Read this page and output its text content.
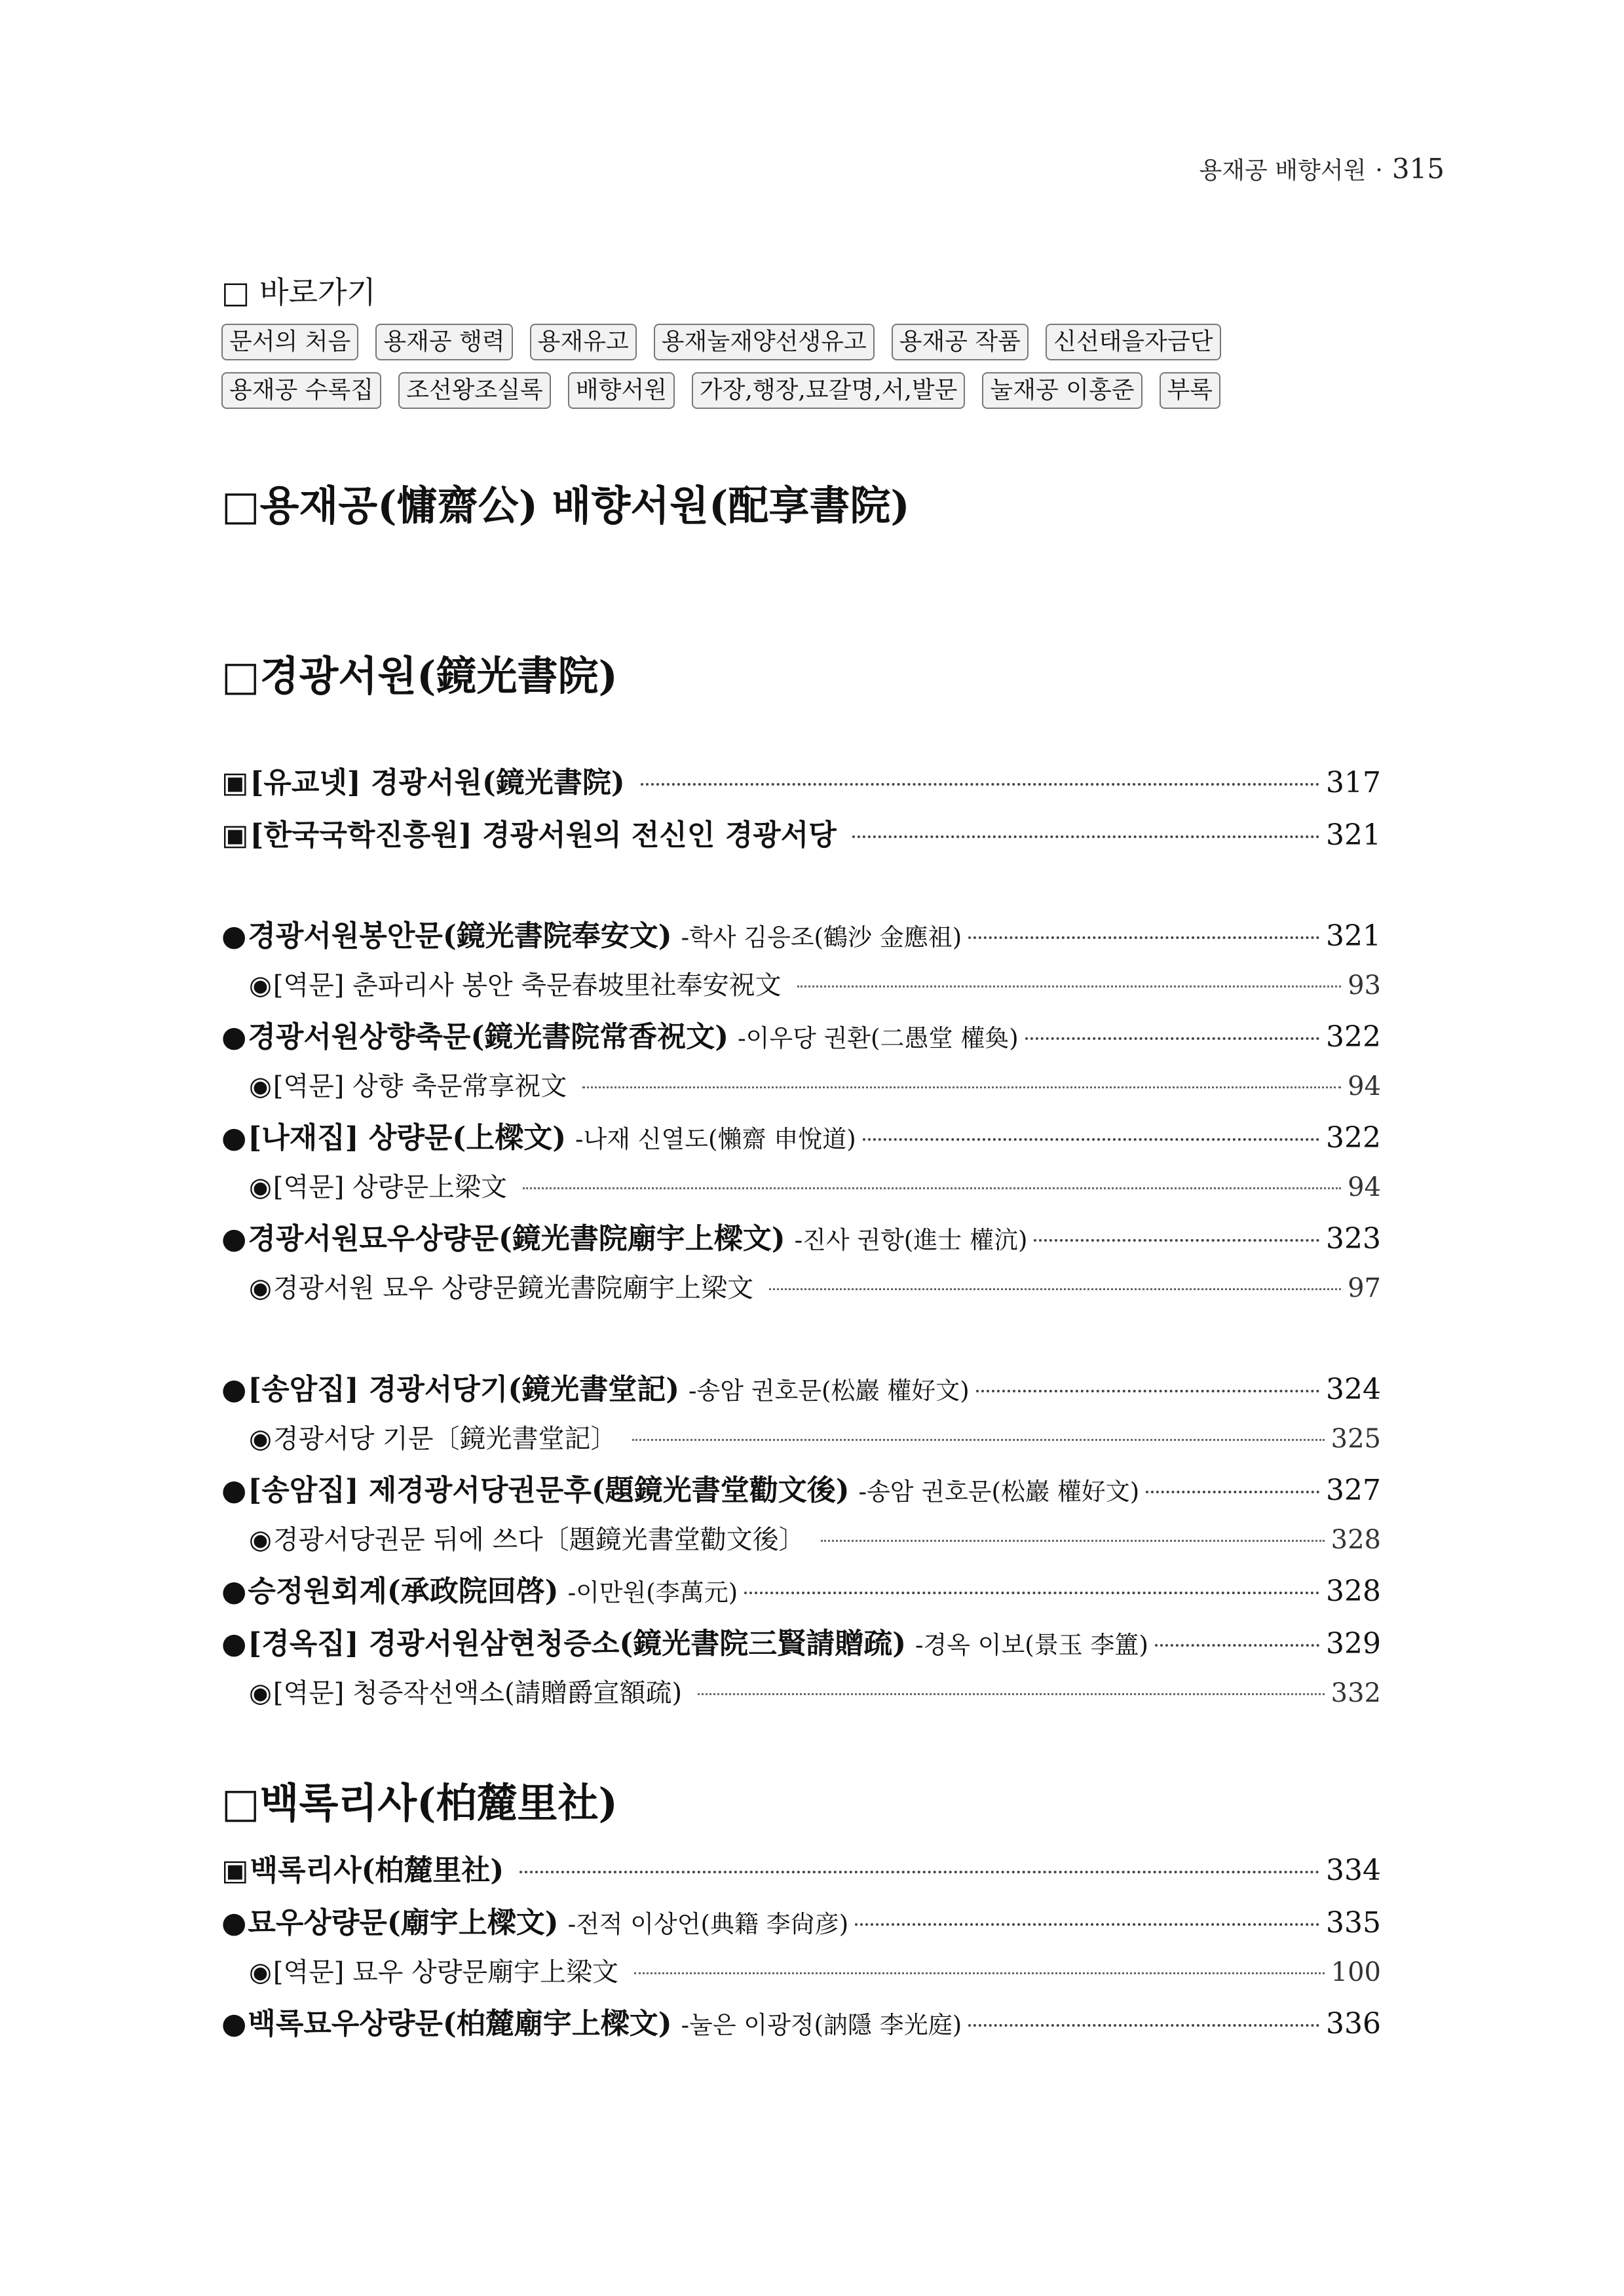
용재공 배향서원 · 315
□ 바로가기
문서의 처음	용재공 행력	용재유고	용재눌재양선생유고	용재공 작품	신선태을자금단
용재공 수록집	조선왕조실록	배향서원	가장,행장,묘갈명,서,발문	눌재공 이홍준	부록
□용재공(慵齋公) 배향서원(配享書院)
□경광서원(鏡光書院)
□백록리사(柏麓里社)
▣ [유교넷] 경광서원(鏡光書院)	317
▣ [한국국학진흥원] 경광서원의 전신인 경광서당	321
● 경광서원봉안문(鏡光書院奉安文) -학사 김응조(鶴沙 金應祖)	321
◉ [역문] 춘파리사 봉안 축문春坡里社奉安祝文	93
● 경광서원상향축문(鏡光書院常香祝文) -이우당 권환(二愚堂 權奐)	322
◉ [역문] 상향 축문常享祝文	94
● [나재집] 상량문(上樑文) -나재 신열도(懶齋 申悅道)	322
◉ [역문] 상량문上梁文	94
● 경광서원묘우상량문(鏡光書院廟宇上樑文) -진사 권항(進士 權沆)	323
◉ 경광서원 묘우 상량문鏡光書院廟宇上梁文	97
● [송암집] 경광서당기(鏡光書堂記) -송암 권호문(松巖 權好文)	324
◉ 경광서당 기문〔鏡光書堂記〕	325
● [송암집] 제경광서당권문후(題鏡光書堂勸文後) -송암 권호문(松巖 權好文)	327
◉ 경광서당권문 뒤에 쓰다〔題鏡光書堂勸文後〕	328
● 승정원회계(承政院回啓) -이만원(李萬元)	328
● [경옥집] 경광서원삼현청증소(鏡光書院三賢請贈疏) -경옥 이보(景玉 李簠)	329
◉ [역문] 청증작선액소(請贈爵宣額疏)	332
▣ 백록리사(柏麓里社)	334
● 묘우상량문(廟宇上樑文) -전적 이상언(典籍 李尙彦)	335
◉ [역문] 묘우 상량문廟宇上梁文	100
● 백록묘우상량문(柏麓廟宇上樑文) -눌은 이광정(訥隱 李光庭)	336
